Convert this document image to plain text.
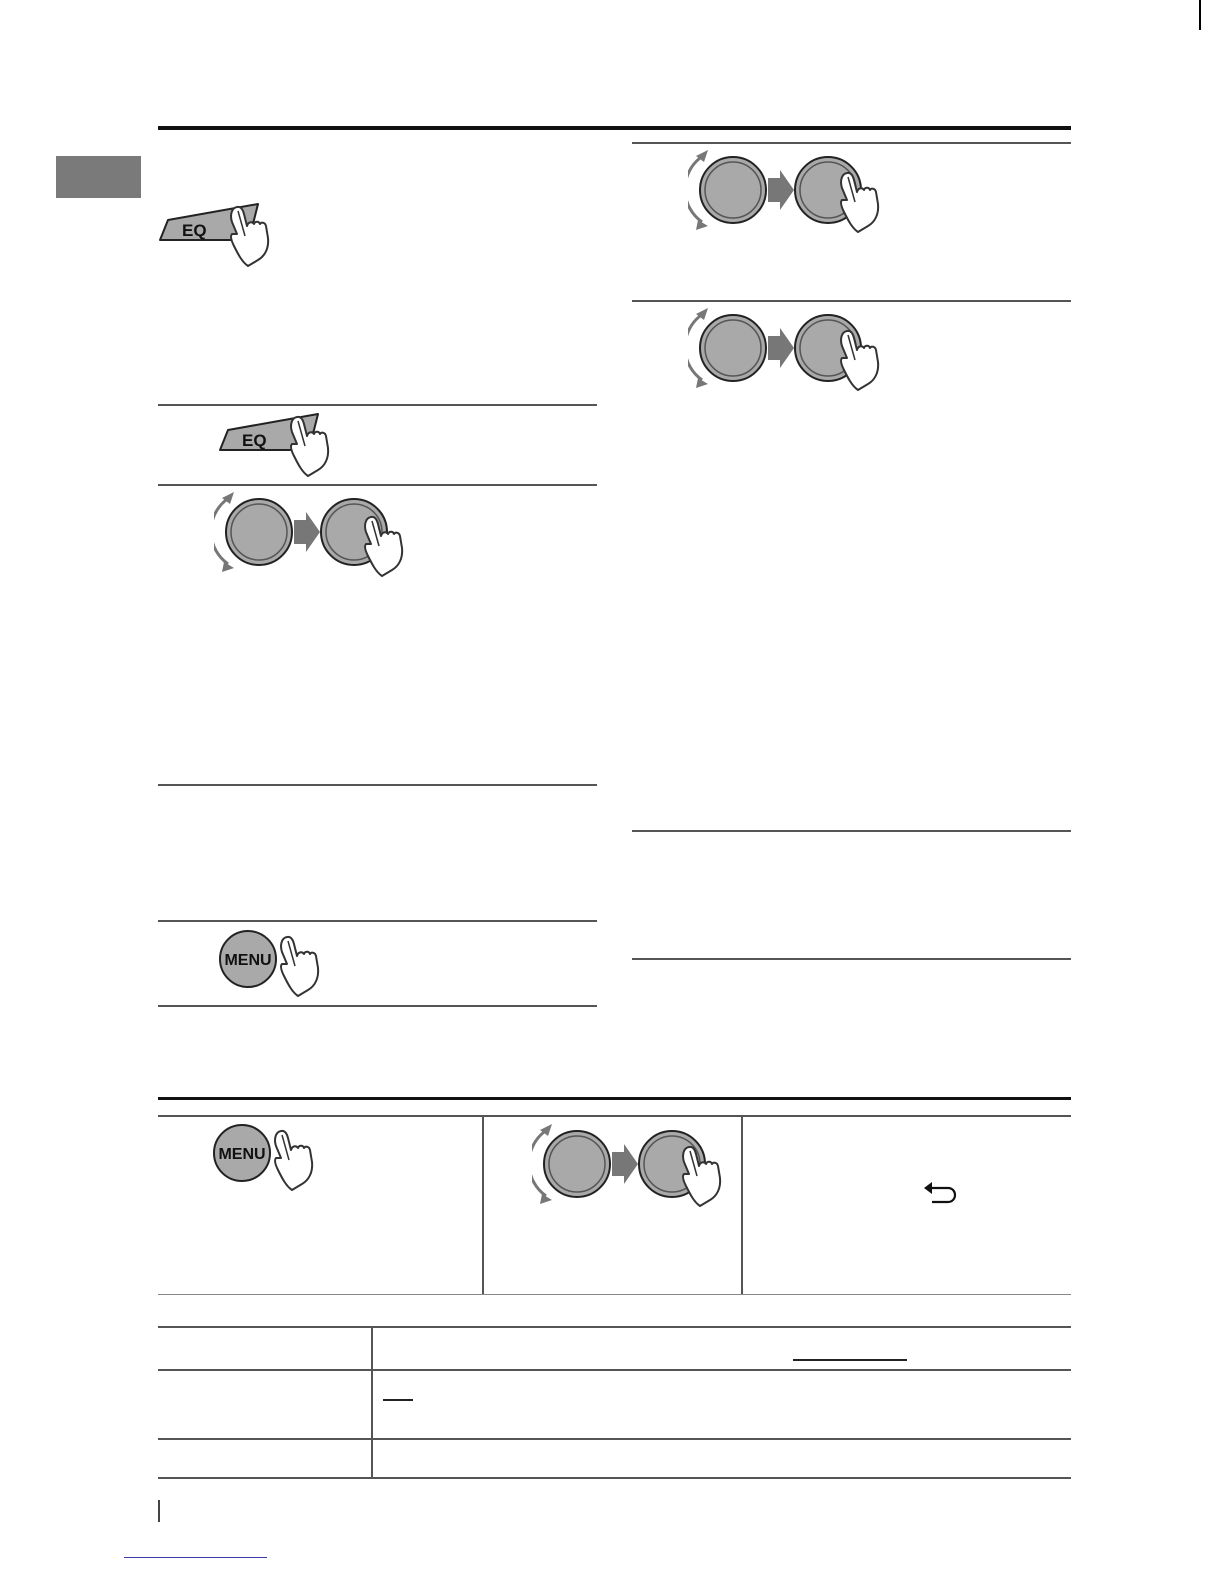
EQ
EQ
MENU
MENU
